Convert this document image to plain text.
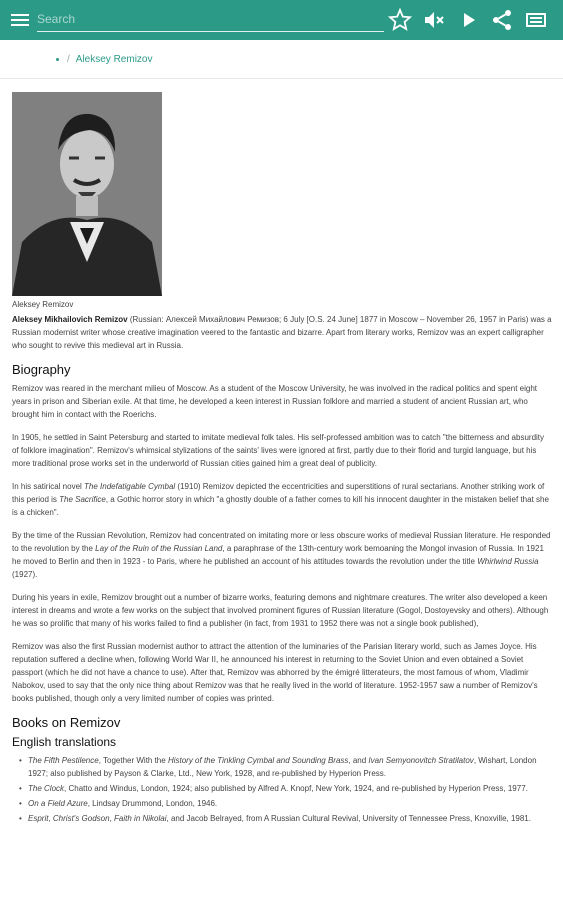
Search
/ Aleksey Remizov
Aleksey Remizov

Aleksey Mikhailovich Remizov (Russian: Алексей Михайлович Ремизов; 6 July [O.S. 24 June] 1877 in Moscow – November 26, 1957 in Paris) was a Russian modernist writer whose creative imagination veered to the fantastic and bizarre. Apart from literary works, Remizov was an expert calligrapher who sought to revive this medieval art in Russia.

Biography

Remizov was reared in the merchant milieu of Moscow. As a student of the Moscow University, he was involved in the radical politics and spent eight years in prison and Siberian exile. At that time, he developed a keen interest in Russian folklore and married a student of ancient Russian art, who brought him in contact with the Roerichs.

In 1905, he settled in Saint Petersburg and started to imitate medieval folk tales. His self-professed ambition was to catch "the bitterness and absurdity of folklore imagination". Remizov's whimsical stylizations of the saints' lives were ignored at first, partly due to their florid and turgid language, but his more traditional prose works set in the underworld of Russian cities gained him a great deal of publicity.

In his satirical novel The Indefatigable Cymbal (1910) Remizov depicted the eccentricities and superstitions of rural sectarians. Another striking work of this period is The Sacrifice, a Gothic horror story in which "a ghostly double of a father comes to kill his innocent daughter in the mistaken belief that she is a chicken".

By the time of the Russian Revolution, Remizov had concentrated on imitating more or less obscure works of medieval Russian literature. He responded to the revolution by the Lay of the Ruin of the Russian Land, a paraphrase of the 13th-century work bemoaning the Mongol invasion of Russia. In 1921 he moved to Berlin and then in 1923 - to Paris, where he published an account of his attitudes towards the revolution under the title Whirlwind Russia (1927).

During his years in exile, Remizov brought out a number of bizarre works, featuring demons and nightmare creatures. The writer also developed a keen interest in dreams and wrote a few works on the subject that involved prominent figures of Russian literature (Gogol, Dostoyevsky and others). Although he was so prolific that many of his works failed to find a publisher (in fact, from 1931 to 1952 there was not a single book published),

Remizov was also the first Russian modernist author to attract the attention of the luminaries of the Parisian literary world, such as James Joyce. His reputation suffered a decline when, following World War II, he announced his interest in returning to the Soviet Union and even obtained a Soviet passport (which he did not have a chance to use). After that, Remizov was abhorred by the émigré litterateurs, the most famous of whom, Vladimir Nabokov, used to say that the only nice thing about Remizov was that he really lived in the world of literature. 1952-1957 saw a number of Remizov's books published, though only a very limited number of copies was printed.

Books on Remizov
English translations
• The Fifth Pestilence, Together With the History of the Tinkling Cymbal and Sounding Brass, and Ivan Semyonovitch Stratilatov, Wishart, London 1927; also published by Payson & Clarke, Ltd., New York, 1928, and re-published by Hyperion Press.
• The Clock, Chatto and Windus, London, 1924; also published by Alfred A. Knopf, New York, 1924, and re-published by Hyperion Press, 1977.
• On a Field Azure, Lindsay Drummond, London, 1946.
• Esprit, Christ's Godson, Faith in Nikolai, and Jacob Belrayed, from A Russian Cultural Revival, University of Tennessee Press, Knoxville, 1981.
